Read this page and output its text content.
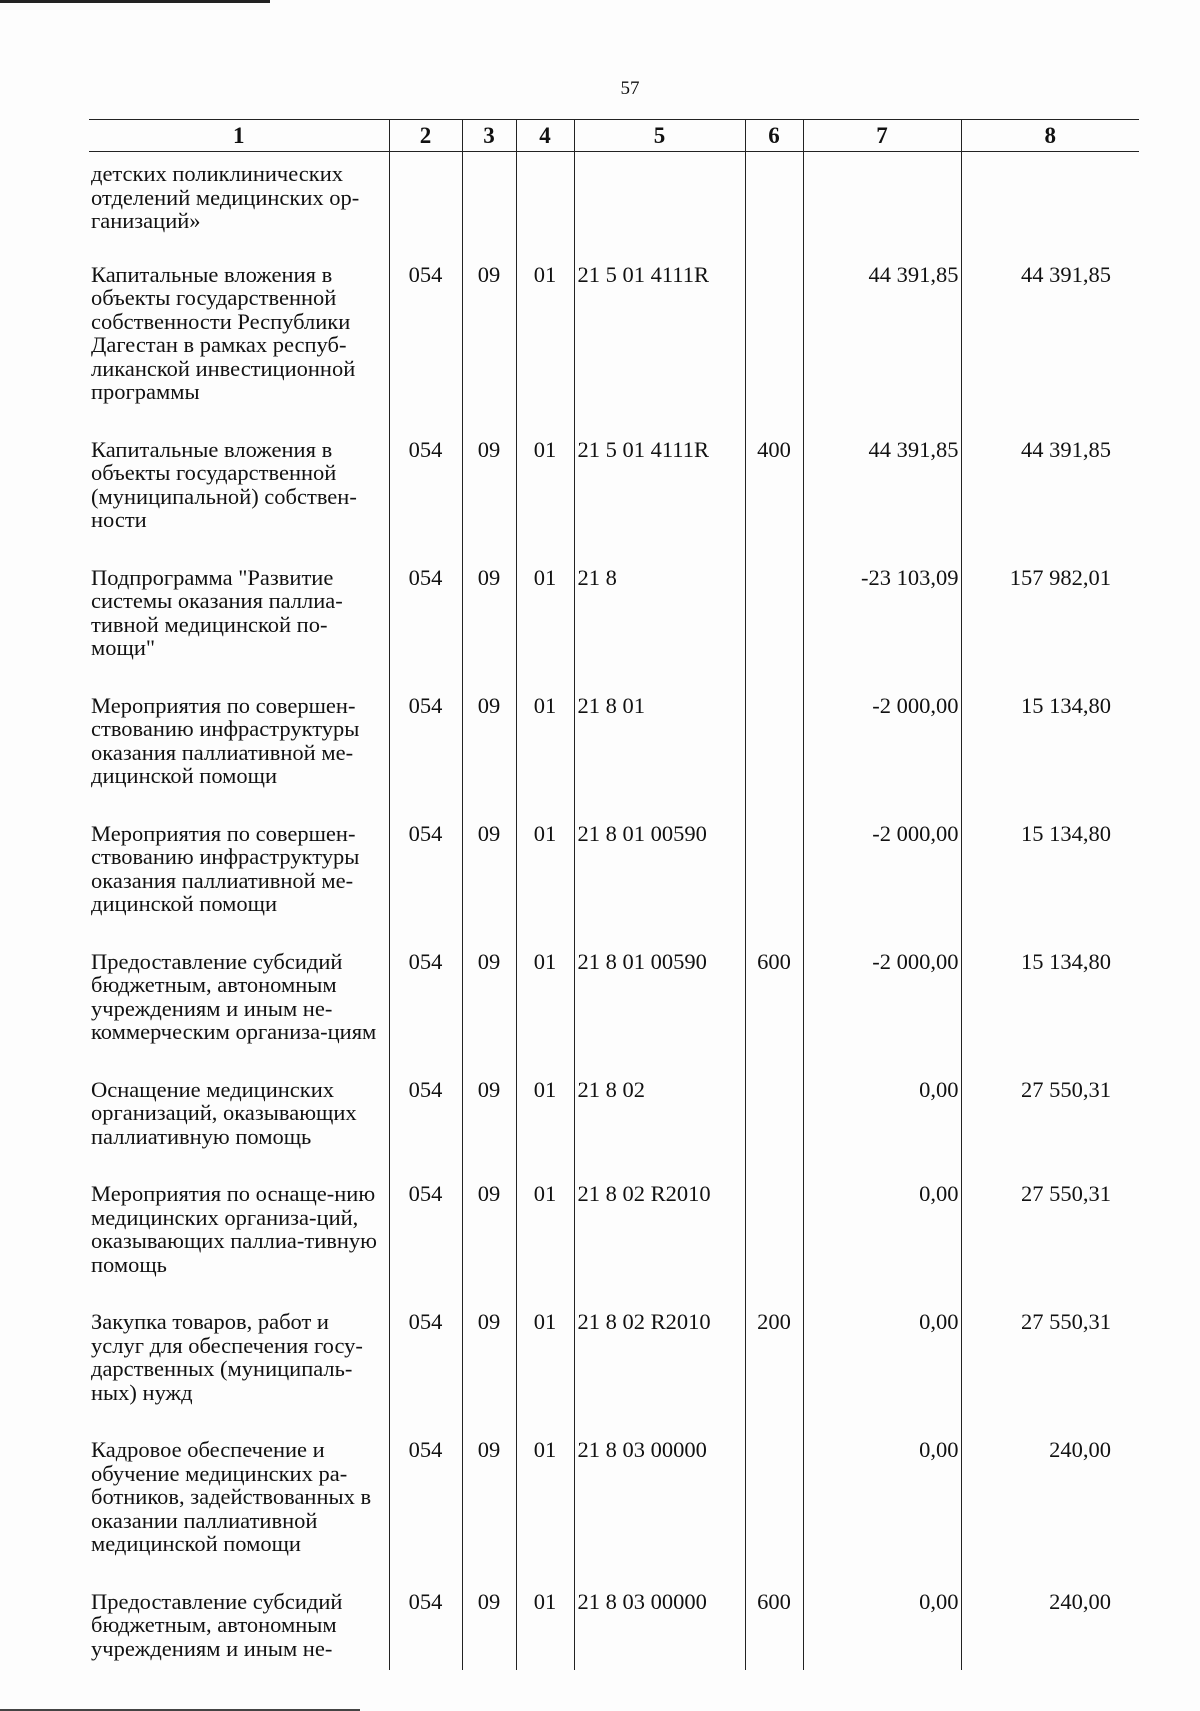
57
1	2	3	4	5	6	7	8
детских поликлинических отделений медицинских ор-ганизаций»							
Капитальные вложения в объекты государственной собственности Республики Дагестан в рамках респуб-ликанской инвестиционной программы	054	09	01	21 5 01 4111R		44 391,85	44 391,85
Капитальные вложения в объекты государственной (муниципальной) собствен-ности	054	09	01	21 5 01 4111R	400	44 391,85	44 391,85
Подпрограмма "Развитие системы оказания паллиа-тивной медицинской по-мощи"	054	09	01	21 8		-23 103,09	157 982,01
Мероприятия по совершен-ствованию инфраструктуры оказания паллиативной ме-дицинской помощи	054	09	01	21 8 01		-2 000,00	15 134,80
Мероприятия по совершен-ствованию инфраструктуры оказания паллиативной ме-дицинской помощи	054	09	01	21 8 01 00590		-2 000,00	15 134,80
Предоставление субсидий бюджетным, автономным учреждениям и иным не-коммерческим организа-циям	054	09	01	21 8 01 00590	600	-2 000,00	15 134,80
Оснащение медицинских организаций, оказывающих паллиативную помощь	054	09	01	21 8 02		0,00	27 550,31
Мероприятия по оснаще-нию медицинских организа-ций, оказывающих паллиа-тивную помощь	054	09	01	21 8 02 R2010		0,00	27 550,31
Закупка товаров, работ и услуг для обеспечения госу-дарственных (муниципаль-ных) нужд	054	09	01	21 8 02 R2010	200	0,00	27 550,31
Кадровое обеспечение и обучение медицинских ра-ботников, задействованных в оказании паллиативной медицинской помощи	054	09	01	21 8 03 00000		0,00	240,00
Предоставление субсидий бюджетным, автономным учреждениям и иным не-	054	09	01	21 8 03 00000	600	0,00	240,00
